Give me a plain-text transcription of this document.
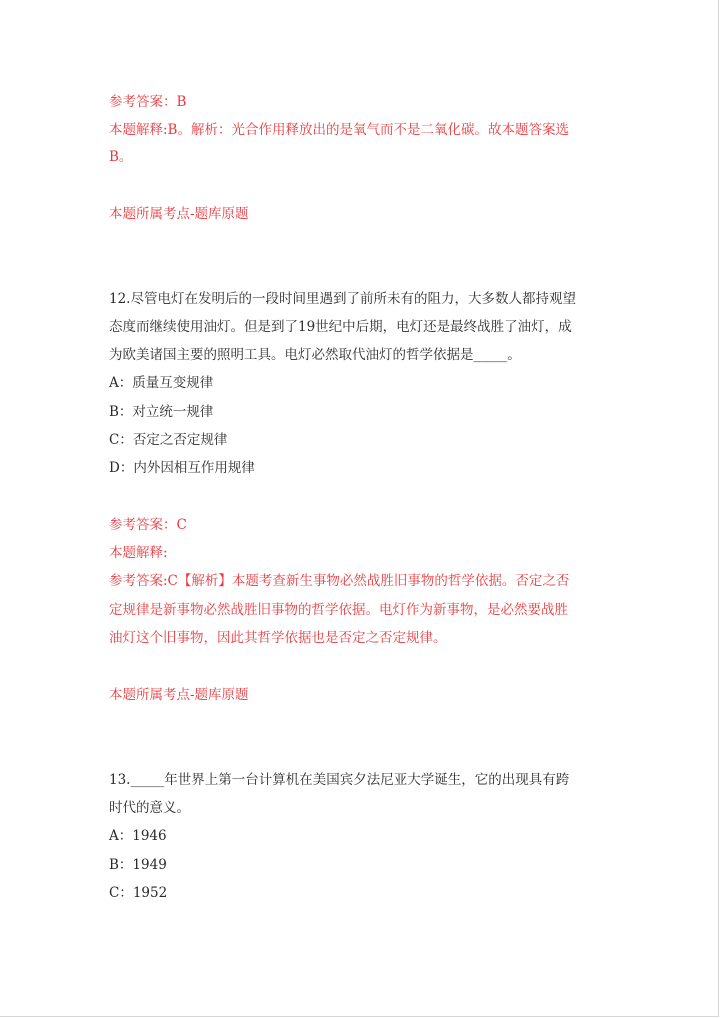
参考答案：B
本题解释:B。解析：光合作用释放出的是氧气而不是二氧化碳。故本题答案选
B。
本题所属考点-题库原题
12.尽管电灯在发明后的一段时间里遇到了前所未有的阻力，大多数人都持观望
态度而继续使用油灯。但是到了19世纪中后期，电灯还是最终战胜了油灯，成
为欧美诸国主要的照明工具。电灯必然取代油灯的哲学依据是_____。
A：质量互变规律
B：对立统一规律
C：否定之否定规律
D：内外因相互作用规律
参考答案：C
本题解释:
参考答案:C【解析】本题考查新生事物必然战胜旧事物的哲学依据。否定之否
定规律是新事物必然战胜旧事物的哲学依据。电灯作为新事物，是必然要战胜
油灯这个旧事物，因此其哲学依据也是否定之否定规律。
本题所属考点-题库原题
13._____年世界上第一台计算机在美国宾夕法尼亚大学诞生，它的出现具有跨
时代的意义。
A：1946
B：1949
C：1952
